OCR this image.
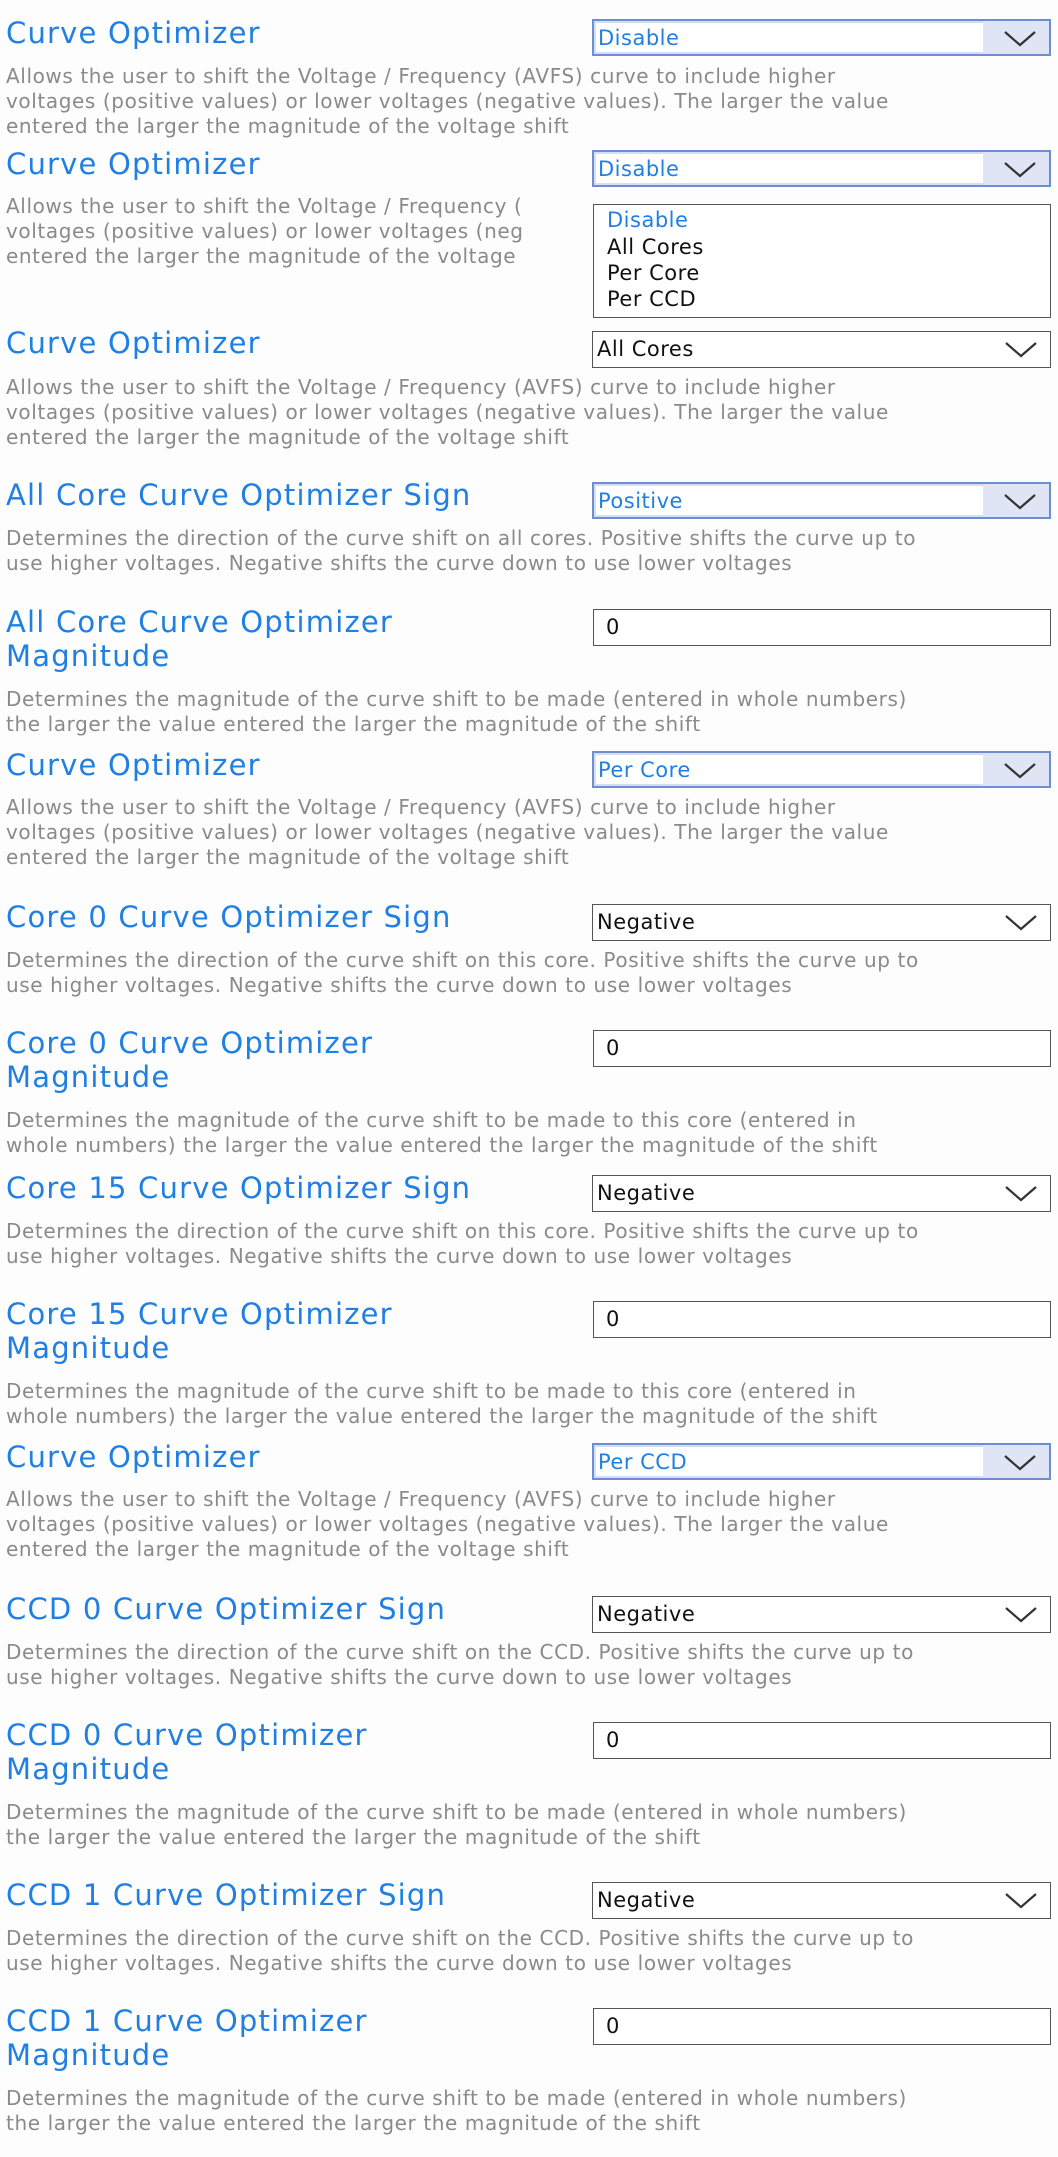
Curve Optimizer	Disable
Allows the user to shift the Voltage / Frequency (AVFS) curve to include higher
voltages (positive values) or lower voltages (negative values). The larger the value
entered the larger the magnitude of the voltage shift
Curve Optimizer	Disable
Allows the user to shift the Voltage / Frequency (
voltages (positive values) or lower voltages (neg
entered the larger the magnitude of the voltage
Disable
All Cores
Per Core
Per CCD
Curve Optimizer	All Cores
Allows the user to shift the Voltage / Frequency (AVFS) curve to include higher
voltages (positive values) or lower voltages (negative values). The larger the value
entered the larger the magnitude of the voltage shift
All Core Curve Optimizer Sign	Positive
Determines the direction of the curve shift on all cores. Positive shifts the curve up to
use higher voltages. Negative shifts the curve down to use lower voltages
All Core Curve Optimizer
Magnitude
0
Determines the magnitude of the curve shift to be made (entered in whole numbers)
the larger the value entered the larger the magnitude of the shift
Curve Optimizer	Per Core
Allows the user to shift the Voltage / Frequency (AVFS) curve to include higher
voltages (positive values) or lower voltages (negative values). The larger the value
entered the larger the magnitude of the voltage shift
Core 0 Curve Optimizer Sign	Negative
Determines the direction of the curve shift on this core. Positive shifts the curve up to
use higher voltages. Negative shifts the curve down to use lower voltages
Core 0 Curve Optimizer
Magnitude
0
Determines the magnitude of the curve shift to be made to this core (entered in
whole numbers) the larger the value entered the larger the magnitude of the shift
Core 15 Curve Optimizer Sign	Negative
Determines the direction of the curve shift on this core. Positive shifts the curve up to
use higher voltages. Negative shifts the curve down to use lower voltages
Core 15 Curve Optimizer
Magnitude
0
Determines the magnitude of the curve shift to be made to this core (entered in
whole numbers) the larger the value entered the larger the magnitude of the shift
Curve Optimizer	Per CCD
Allows the user to shift the Voltage / Frequency (AVFS) curve to include higher
voltages (positive values) or lower voltages (negative values). The larger the value
entered the larger the magnitude of the voltage shift
CCD 0 Curve Optimizer Sign	Negative
Determines the direction of the curve shift on the CCD. Positive shifts the curve up to
use higher voltages. Negative shifts the curve down to use lower voltages
CCD 0 Curve Optimizer
Magnitude
0
Determines the magnitude of the curve shift to be made (entered in whole numbers)
the larger the value entered the larger the magnitude of the shift
CCD 1 Curve Optimizer Sign	Negative
Determines the direction of the curve shift on the CCD. Positive shifts the curve up to
use higher voltages. Negative shifts the curve down to use lower voltages
CCD 1 Curve Optimizer
Magnitude
0
Determines the magnitude of the curve shift to be made (entered in whole numbers)
the larger the value entered the larger the magnitude of the shift
